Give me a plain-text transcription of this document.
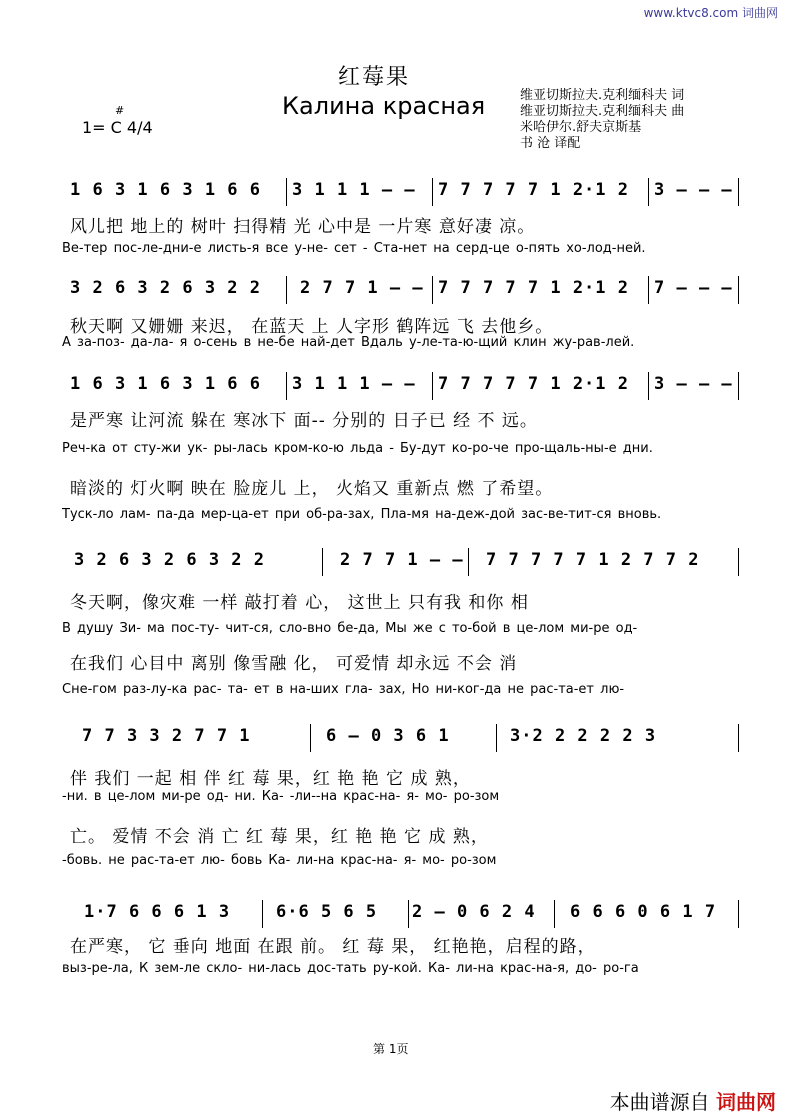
www.ktvc8.com 词曲网
红莓果
Калина красная	维亚切斯拉夫.克利缅科夫 词
维亚切斯拉夫.克利缅科夫 曲
米哈伊尔.舒夫京斯基
书 沧 译配
#
1= C 4/4
1 6 3 1 6 3 1 6 6 3 1 1 1 – – 7 7 7 7 7 1 2·1 2 3 – – –
风儿把 地上的 树叶 扫得精 光 心中是 一片寒 意好凄 凉。
Ве-тер пос-ле-дни-е листь-я все у-не- сет - Ста-нет на серд-це о-пять хо-лод-ней.
3 2 6 3 2 6 3 2 2 2 7 7 1 – – 7 7 7 7 7 1 2·1 2 7 – – –
秋天啊 又姗姗 来迟， 在蓝天 上 人字形 鹤阵远 飞 去他乡。
А за-поз- да-ла- я о-сень в не-бе най-дет Вдаль у-ле-та-ю-щий клин жу-рав-лей.
1 6 3 1 6 3 1 6 6 3 1 1 1 – – 7 7 7 7 7 1 2·1 2 3 – – –
是严寒 让河流 躲在 寒冰下 面-- 分别的 日子已 经 不 远。
Реч-ка от сту-жи ук- ры-лась кром-ко-ю льда - Бу-дут ко-ро-че про-щаль-ны-е дни.
暗淡的 灯火啊 映在 脸庞儿 上， 火焰又 重新点 燃 了希望。
Туск-ло лам- па-да мер-ца-ет при об-ра-зах, Пла-мя на-деж-дой зас-ве-тит-ся вновь.
3 2 6 3 2 6 3 2 2	2 7 7 1 – – 7 7 7 7 7 1 2 7 7 2
冬天啊，像灾难 一样 敲打着 心， 这世上 只有我 和你 相
В душу Зи- ма пос-ту- чит-ся, сло-вно бе-да, Мы же с то-бой в це-лом ми-ре од-
在我们 心目中 离别 像雪融 化， 可爱情 却永远 不会 消
Сне-гом раз-лу-ка рас- та- ет в на-ших гла- зах, Но ни-ког-да не рас-та-ет лю-
7 7 3 3 2 7 7 1	6 – 0 3 6 1	3·2 2 2 2 2 3
伴 我们 一起 相 伴 红 莓 果，红 艳 艳 它 成 熟，
-ни. в це-лом ми-ре од- ни. Ка- -ли--на крас-на- я- мо- ро-зом
亡。 爱情 不会 消 亡 红 莓 果，红 艳 艳 它 成 熟，
-бовь. не рас-та-ет лю- бовь Ка- ли-на крас-на- я- мо- ро-зом
1·7 6 6 6 1 3	6·6 5 6 5 2 – 0 6 2 4 6 6 6 0 6 1 7
在严寒， 它 垂向 地面 在跟 前。 红 莓 果， 红艳艳，启程的路，
выз-ре-ла, К зем-ле скло- ни-лась дос-тать ру-кой. Ка- ли-на крас-на-я, до- ро-га
第 1页
本曲谱源自 词曲网
